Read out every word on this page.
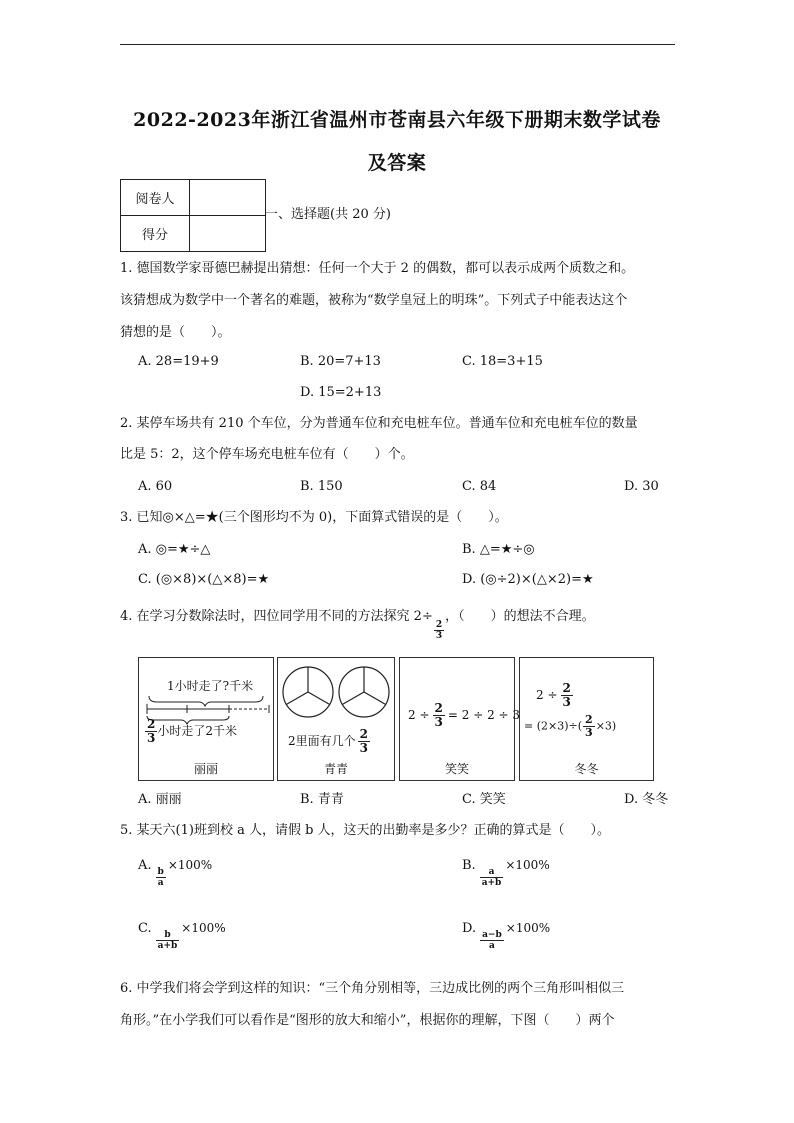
2022-2023年浙江省温州市苍南县六年级下册期末数学试卷
及答案
阅卷人	
得分	
一、选择题(共 20 分)
1. 德国数学家哥德巴赫提出猜想：任何一个大于 2 的偶数，都可以表示成两个质数之和。
该猜想成为数学中一个著名的难题，被称为“数学皇冠上的明珠”。下列式子中能表达这个
猜想的是（　　）。
A. 28=19+9	B. 20=7+13	C. 18=3+15
D. 15=2+13
2. 某停车场共有 210 个车位，分为普通车位和充电桩车位。普通车位和充电桩车位的数量
比是 5：2，这个停车场充电桩车位有（　　）个。
A. 60	B. 150	C. 84	D. 30
3. 已知◎×△=★(三个图形均不为 0)，下面算式错误的是（　　）。
A. ◎=★÷△	B. △=★÷◎
C. (◎×8)×(△×8)=★	D. (◎÷2)×(△×2)=★
4. 在学习分数除法时，四位同学用不同的方法探究 2÷
$\frac{2}{3}$
，（　　）的想法不合理。
1小时走了?千米
$\frac{2}{3}$ 小时走了2千米
丽丽
2里面有几个 $\frac{2}{3}$
青青
$2 \div \frac{2}{3} = 2 \div 2 \div 3$
笑笑
$2 \div \frac{2}{3}$
= $(2\times 3)\div( \frac{2}{3} \times 3)$
冬冬
A. 丽丽	B. 青青	C. 笑笑	D. 冬冬
5. 某天六(1)班到校 a 人，请假 b 人，这天的出勤率是多少？正确的算式是（　　）。
A.
$\frac{b}{a}$
×100%	B.
$\frac{a}{a+b}$
×100%
C.
$\frac{b}{a+b}$
×100%	D.
$\frac{a-b}{a}$
×100%
6. 中学我们将会学到这样的知识：“三个角分别相等，三边成比例的两个三角形叫相似三
角形。”在小学我们可以看作是“图形的放大和缩小”，根据你的理解，下图（　　）两个
